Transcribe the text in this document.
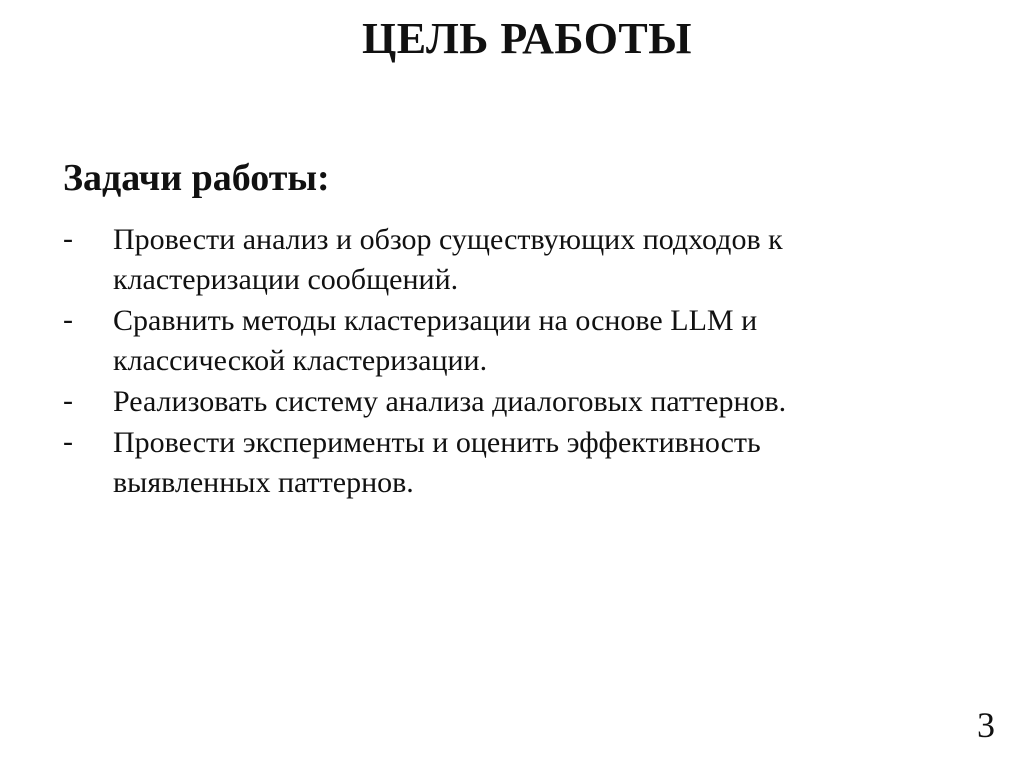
ЦЕЛЬ РАБОТЫ
Задачи работы:
-	Провести анализ и обзор существующих подходов к
кластеризации сообщений.
-	Сравнить методы кластеризации на основе LLM и
классической кластеризации.
-	Реализовать систему анализа диалоговых паттернов.
-	Провести эксперименты и оценить эффективность
выявленных паттернов.
3
